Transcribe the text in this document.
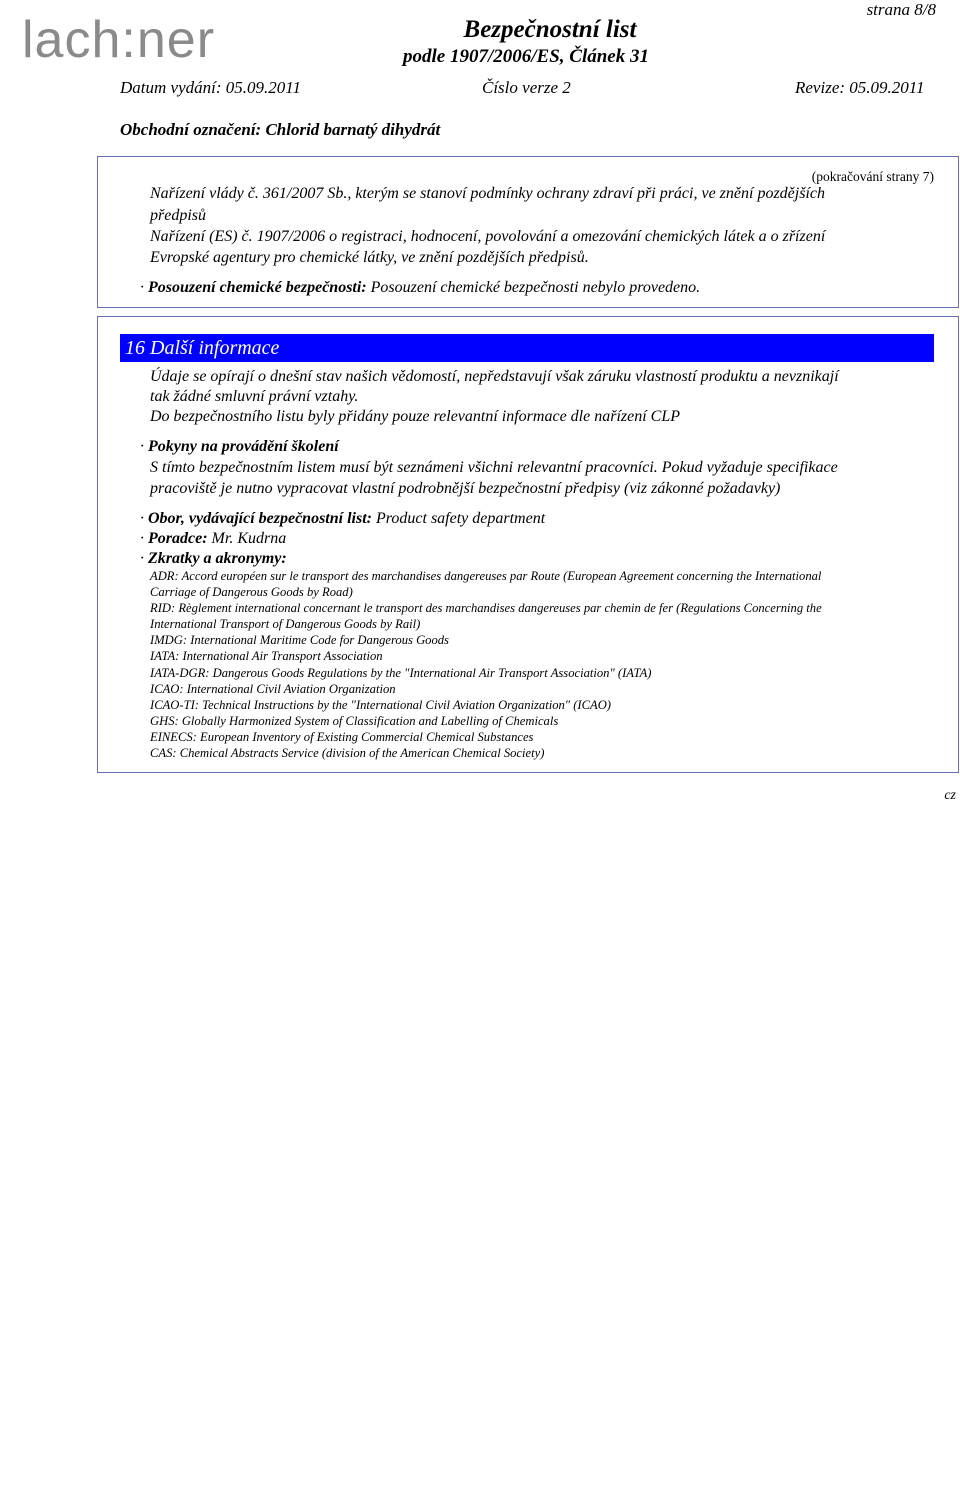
lach:ner
strana 8/8
Bezpečnostní list
podle 1907/2006/ES, Článek 31
Datum vydání: 05.09.2011	Číslo verze 2	Revize: 05.09.2011
Obchodní označení: Chlorid barnatý dihydrát
(pokračování strany 7)
Nařízení vlády č. 361/2007 Sb., kterým se stanoví podmínky ochrany zdraví při práci, ve znění pozdějších
předpisů
Nařízení (ES) č. 1907/2006 o registraci, hodnocení, povolování a omezování chemických látek a o zřízení
Evropské agentury pro chemické látky, ve znění pozdějších předpisů.
· Posouzení chemické bezpečnosti: Posouzení chemické bezpečnosti nebylo provedeno.
16 Další informace
Údaje se opírají o dnešní stav našich vědomostí, nepředstavují však záruku vlastností produktu a nevznikají
tak žádné smluvní právní vztahy.
Do bezpečnostního listu byly přidány pouze relevantní informace dle nařízení CLP
· Pokyny na provádění školení
S tímto bezpečnostním listem musí být seznámeni všichni relevantní pracovníci. Pokud vyžaduje specifikace
pracoviště je nutno vypracovat vlastní podrobnější bezpečnostní předpisy (viz zákonné požadavky)
· Obor, vydávající bezpečnostní list: Product safety department
· Poradce: Mr. Kudrna
· Zkratky a akronymy:
ADR: Accord européen sur le transport des marchandises dangereuses par Route (European Agreement concerning the International
Carriage of Dangerous Goods by Road)
RID: Règlement international concernant le transport des marchandises dangereuses par chemin de fer (Regulations Concerning the
International Transport of Dangerous Goods by Rail)
IMDG: International Maritime Code for Dangerous Goods
IATA: International Air Transport Association
IATA-DGR: Dangerous Goods Regulations by the "International Air Transport Association" (IATA)
ICAO: International Civil Aviation Organization
ICAO-TI: Technical Instructions by the "International Civil Aviation Organization" (ICAO)
GHS: Globally Harmonized System of Classification and Labelling of Chemicals
EINECS: European Inventory of Existing Commercial Chemical Substances
CAS: Chemical Abstracts Service (division of the American Chemical Society)
cz
